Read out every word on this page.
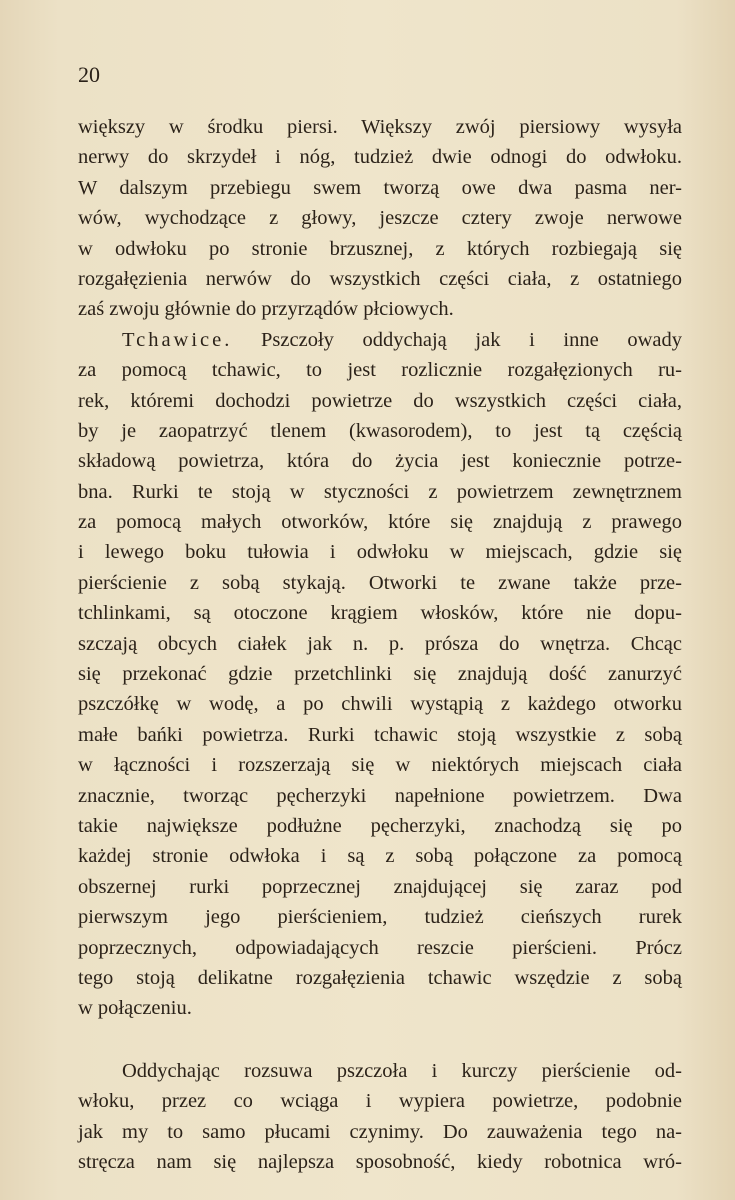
20
większy w środku piersi. Większy zwój piersiowy wysyła
nerwy do skrzydeł i nóg, tudzież dwie odnogi do odwłoku.
W dalszym przebiegu swem tworzą owe dwa pasma ner-
wów, wychodzące z głowy, jeszcze cztery zwoje nerwowe
w odwłoku po stronie brzusznej, z których rozbiegają się
rozgałęzienia nerwów do wszystkich części ciała, z ostatniego
zaś zwoju głównie do przyrządów płciowych.
Tchawice. Pszczoły oddychają jak i inne owady
za pomocą tchawic, to jest rozlicznie rozgałęzionych ru-
rek, któremi dochodzi powietrze do wszystkich części ciała,
by je zaopatrzyć tlenem (kwasorodem), to jest tą częścią
składową powietrza, która do życia jest koniecznie potrze-
bna. Rurki te stoją w styczności z powietrzem zewnętrznem
za pomocą małych otworków, które się znajdują z prawego
i lewego boku tułowia i odwłoku w miejscach, gdzie się
pierścienie z sobą stykają. Otworki te zwane także prze-
tchlinkami, są otoczone krągiem włosków, które nie dopu-
szczają obcych ciałek jak n. p. prósza do wnętrza. Chcąc
się przekonać gdzie przetchlinki się znajdują dość zanurzyć
pszczółkę w wodę, a po chwili wystąpią z każdego otworku
małe bańki powietrza. Rurki tchawic stoją wszystkie z sobą
w łączności i rozszerzają się w niektórych miejscach ciała
znacznie, tworząc pęcherzyki napełnione powietrzem. Dwa
takie największe podłużne pęcherzyki, znachodzą się po
każdej stronie odwłoka i są z sobą połączone za pomocą
obszernej rurki poprzecznej znajdującej się zaraz pod
pierwszym jego pierścieniem, tudzież cieńszych rurek
poprzecznych, odpowiadających reszcie pierścieni. Prócz
tego stoją delikatne rozgałęzienia tchawic wszędzie z sobą
w połączeniu.
Oddychając rozsuwa pszczoła i kurczy pierścienie od-
włoku, przez co wciąga i wypiera powietrze, podobnie
jak my to samo płucami czynimy. Do zauważenia tego na-
stręcza nam się najlepsza sposobność, kiedy robotnica wró-
